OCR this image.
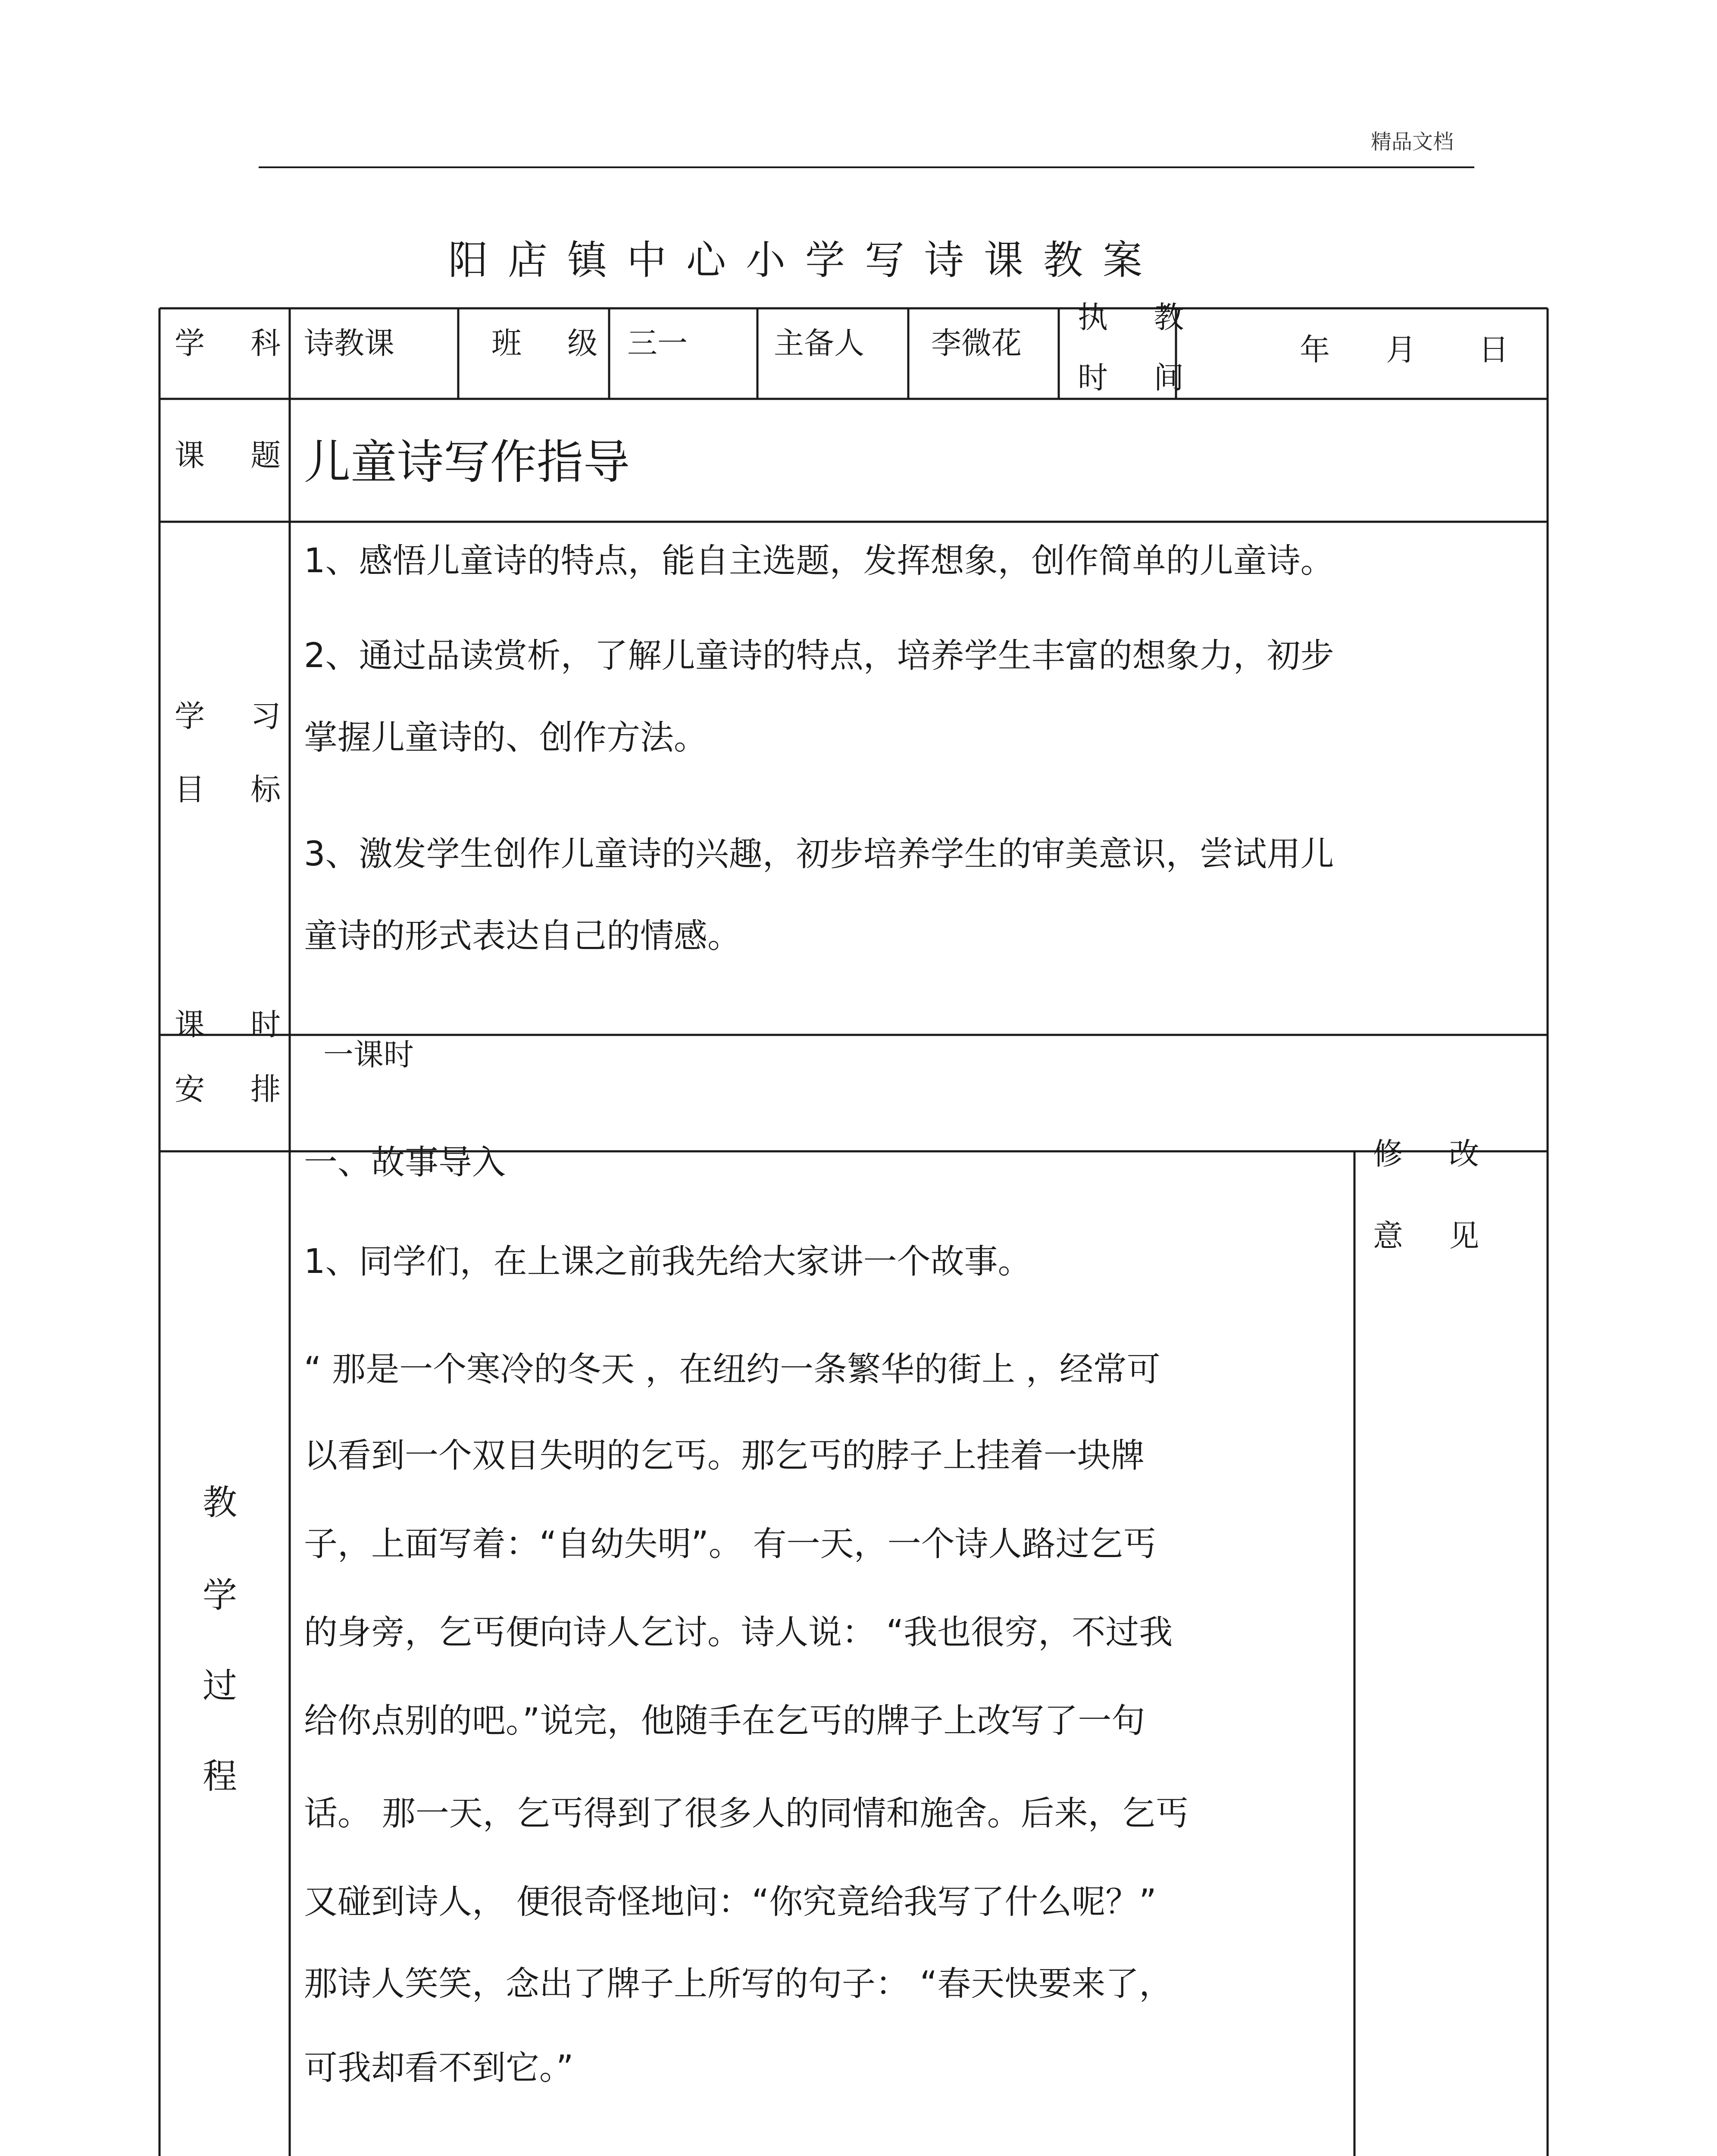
精品文档
阳店镇中心小学写诗课教案
学 科 诗教课	班 级 三一	主备人 李微花
执 教
时 间
年 月 日
课 题 儿童诗写作指导
学 习
目 标
1、感悟儿童诗的特点，能自主选题，发挥想象，创作简单的儿童诗。
2、通过品读赏析，了解儿童诗的特点，培养学生丰富的想象力，初步
掌握儿童诗的、创作方法。
3、激发学生创作儿童诗的兴趣，初步培养学生的审美意识，尝试用儿
童诗的形式表达自己的情感。
课 时
安 排
一课时
教
学
过
程
修 改
意 见
一、故事导入
1、同学们，在上课之前我先给大家讲一个故事。
“ 那是一个寒冷的冬天 ，在纽约一条繁华的街上 ，经常可
以看到一个双目失明的乞丐。那乞丐的脖子上挂着一块牌
子，上面写着：“自幼失明”。 有一天，一个诗人路过乞丐
的身旁，乞丐便向诗人乞讨。诗人说： “我也很穷，不过我
给你点别的吧。”说完，他随手在乞丐的牌子上改写了一句
话。 那一天，乞丐得到了很多人的同情和施舍。后来，乞丐
又碰到诗人， 便很奇怪地问：“你究竟给我写了什么呢？”
那诗人笑笑，念出了牌子上所写的句子： “春天快要来了，
可我却看不到它。”
